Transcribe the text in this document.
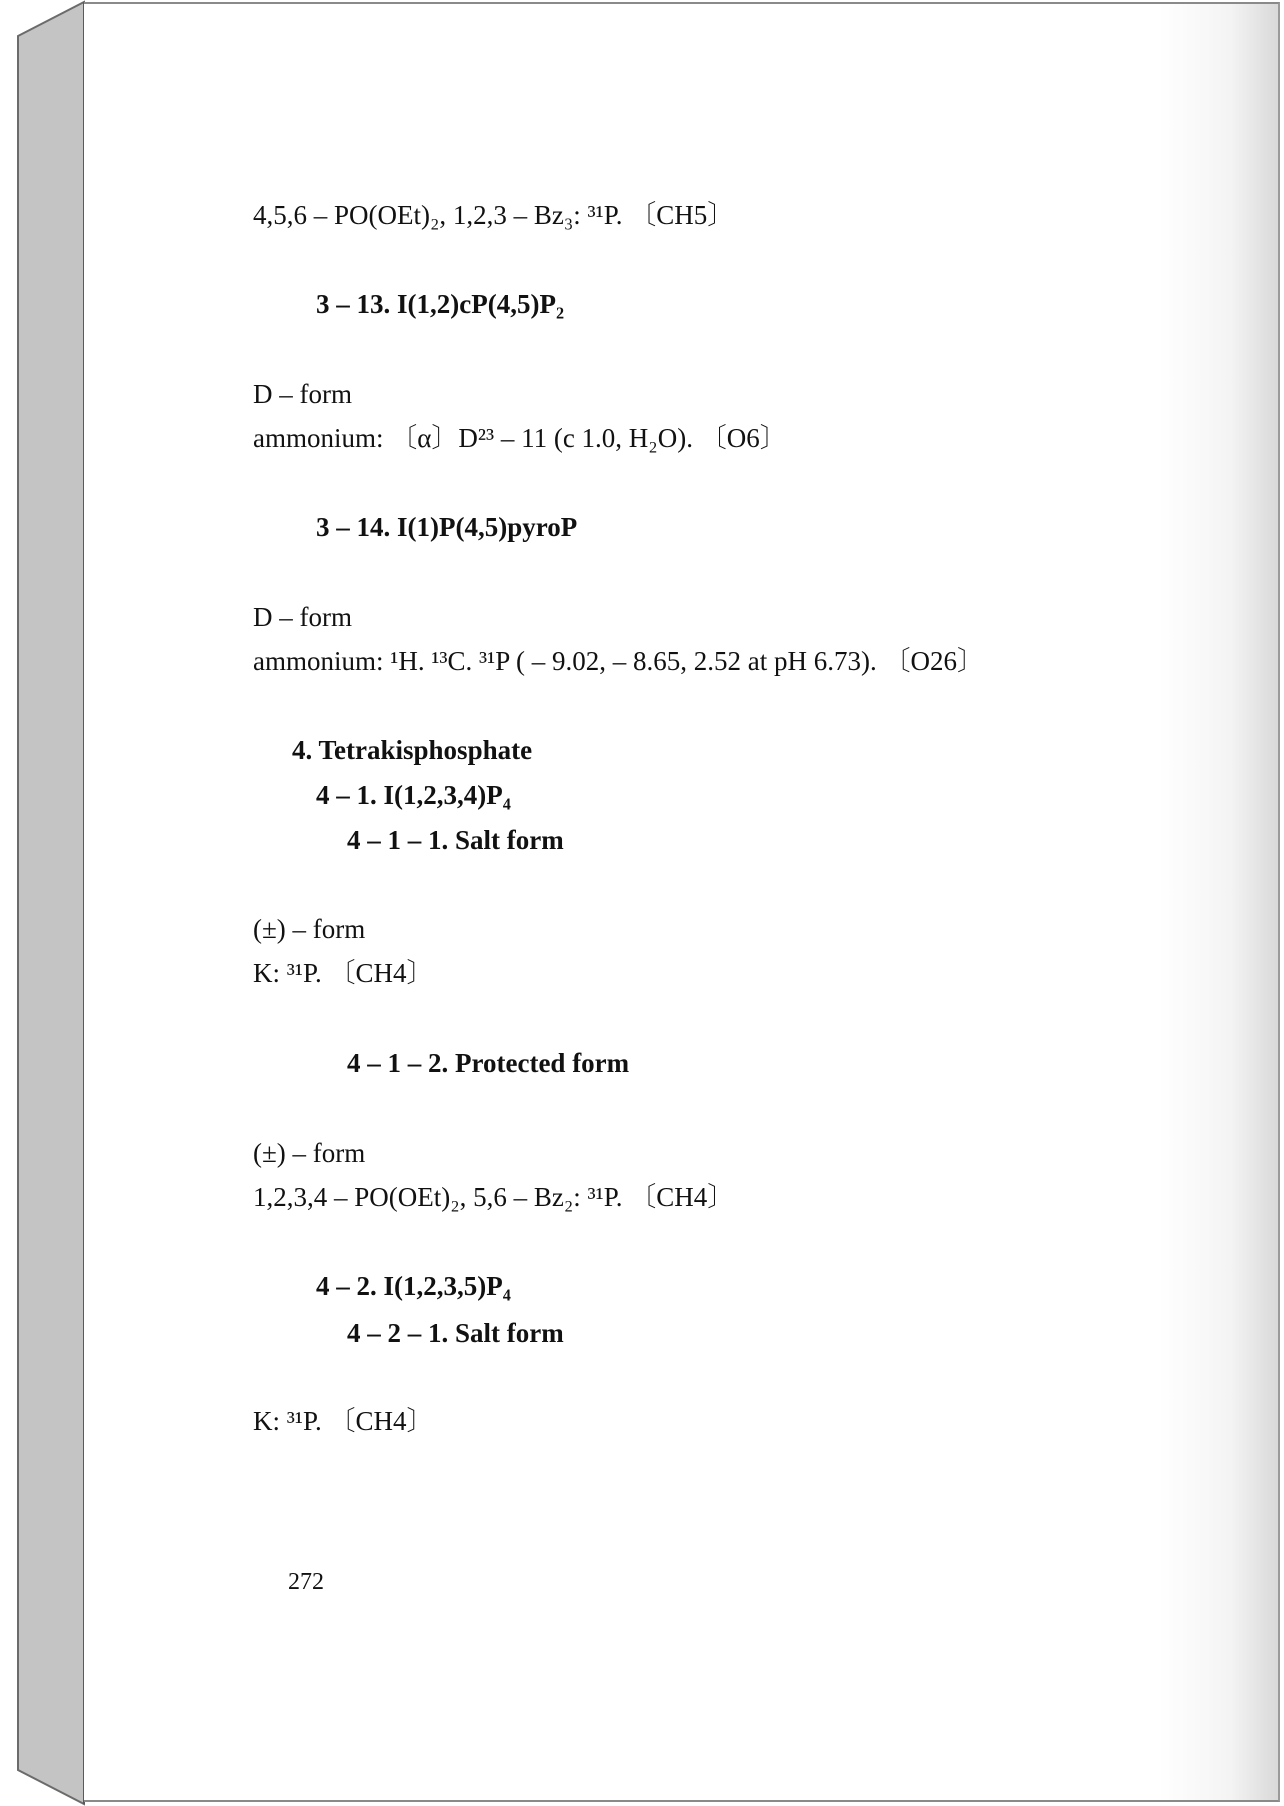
4,5,6 – PO(OEt)₂, 1,2,3 – Bz₃: ³¹P. 〔CH5〕
3 – 13. I(1,2)cP(4,5)P₂
D – form
ammonium: 〔α〕D²³ – 11 (c 1.0, H₂O). 〔O6〕
3 – 14. I(1)P(4,5)pyroP
D – form
ammonium: ¹H. ¹³C. ³¹P ( – 9.02, – 8.65, 2.52 at pH 6.73). 〔O26〕
4. Tetrakisphosphate
4 – 1. I(1,2,3,4)P₄
4 – 1 – 1. Salt form
(±) – form
K: ³¹P. 〔CH4〕
4 – 1 – 2. Protected form
(±) – form
1,2,3,4 – PO(OEt)₂, 5,6 – Bz₂: ³¹P. 〔CH4〕
4 – 2. I(1,2,3,5)P₄
4 – 2 – 1. Salt form
K: ³¹P. 〔CH4〕
272
